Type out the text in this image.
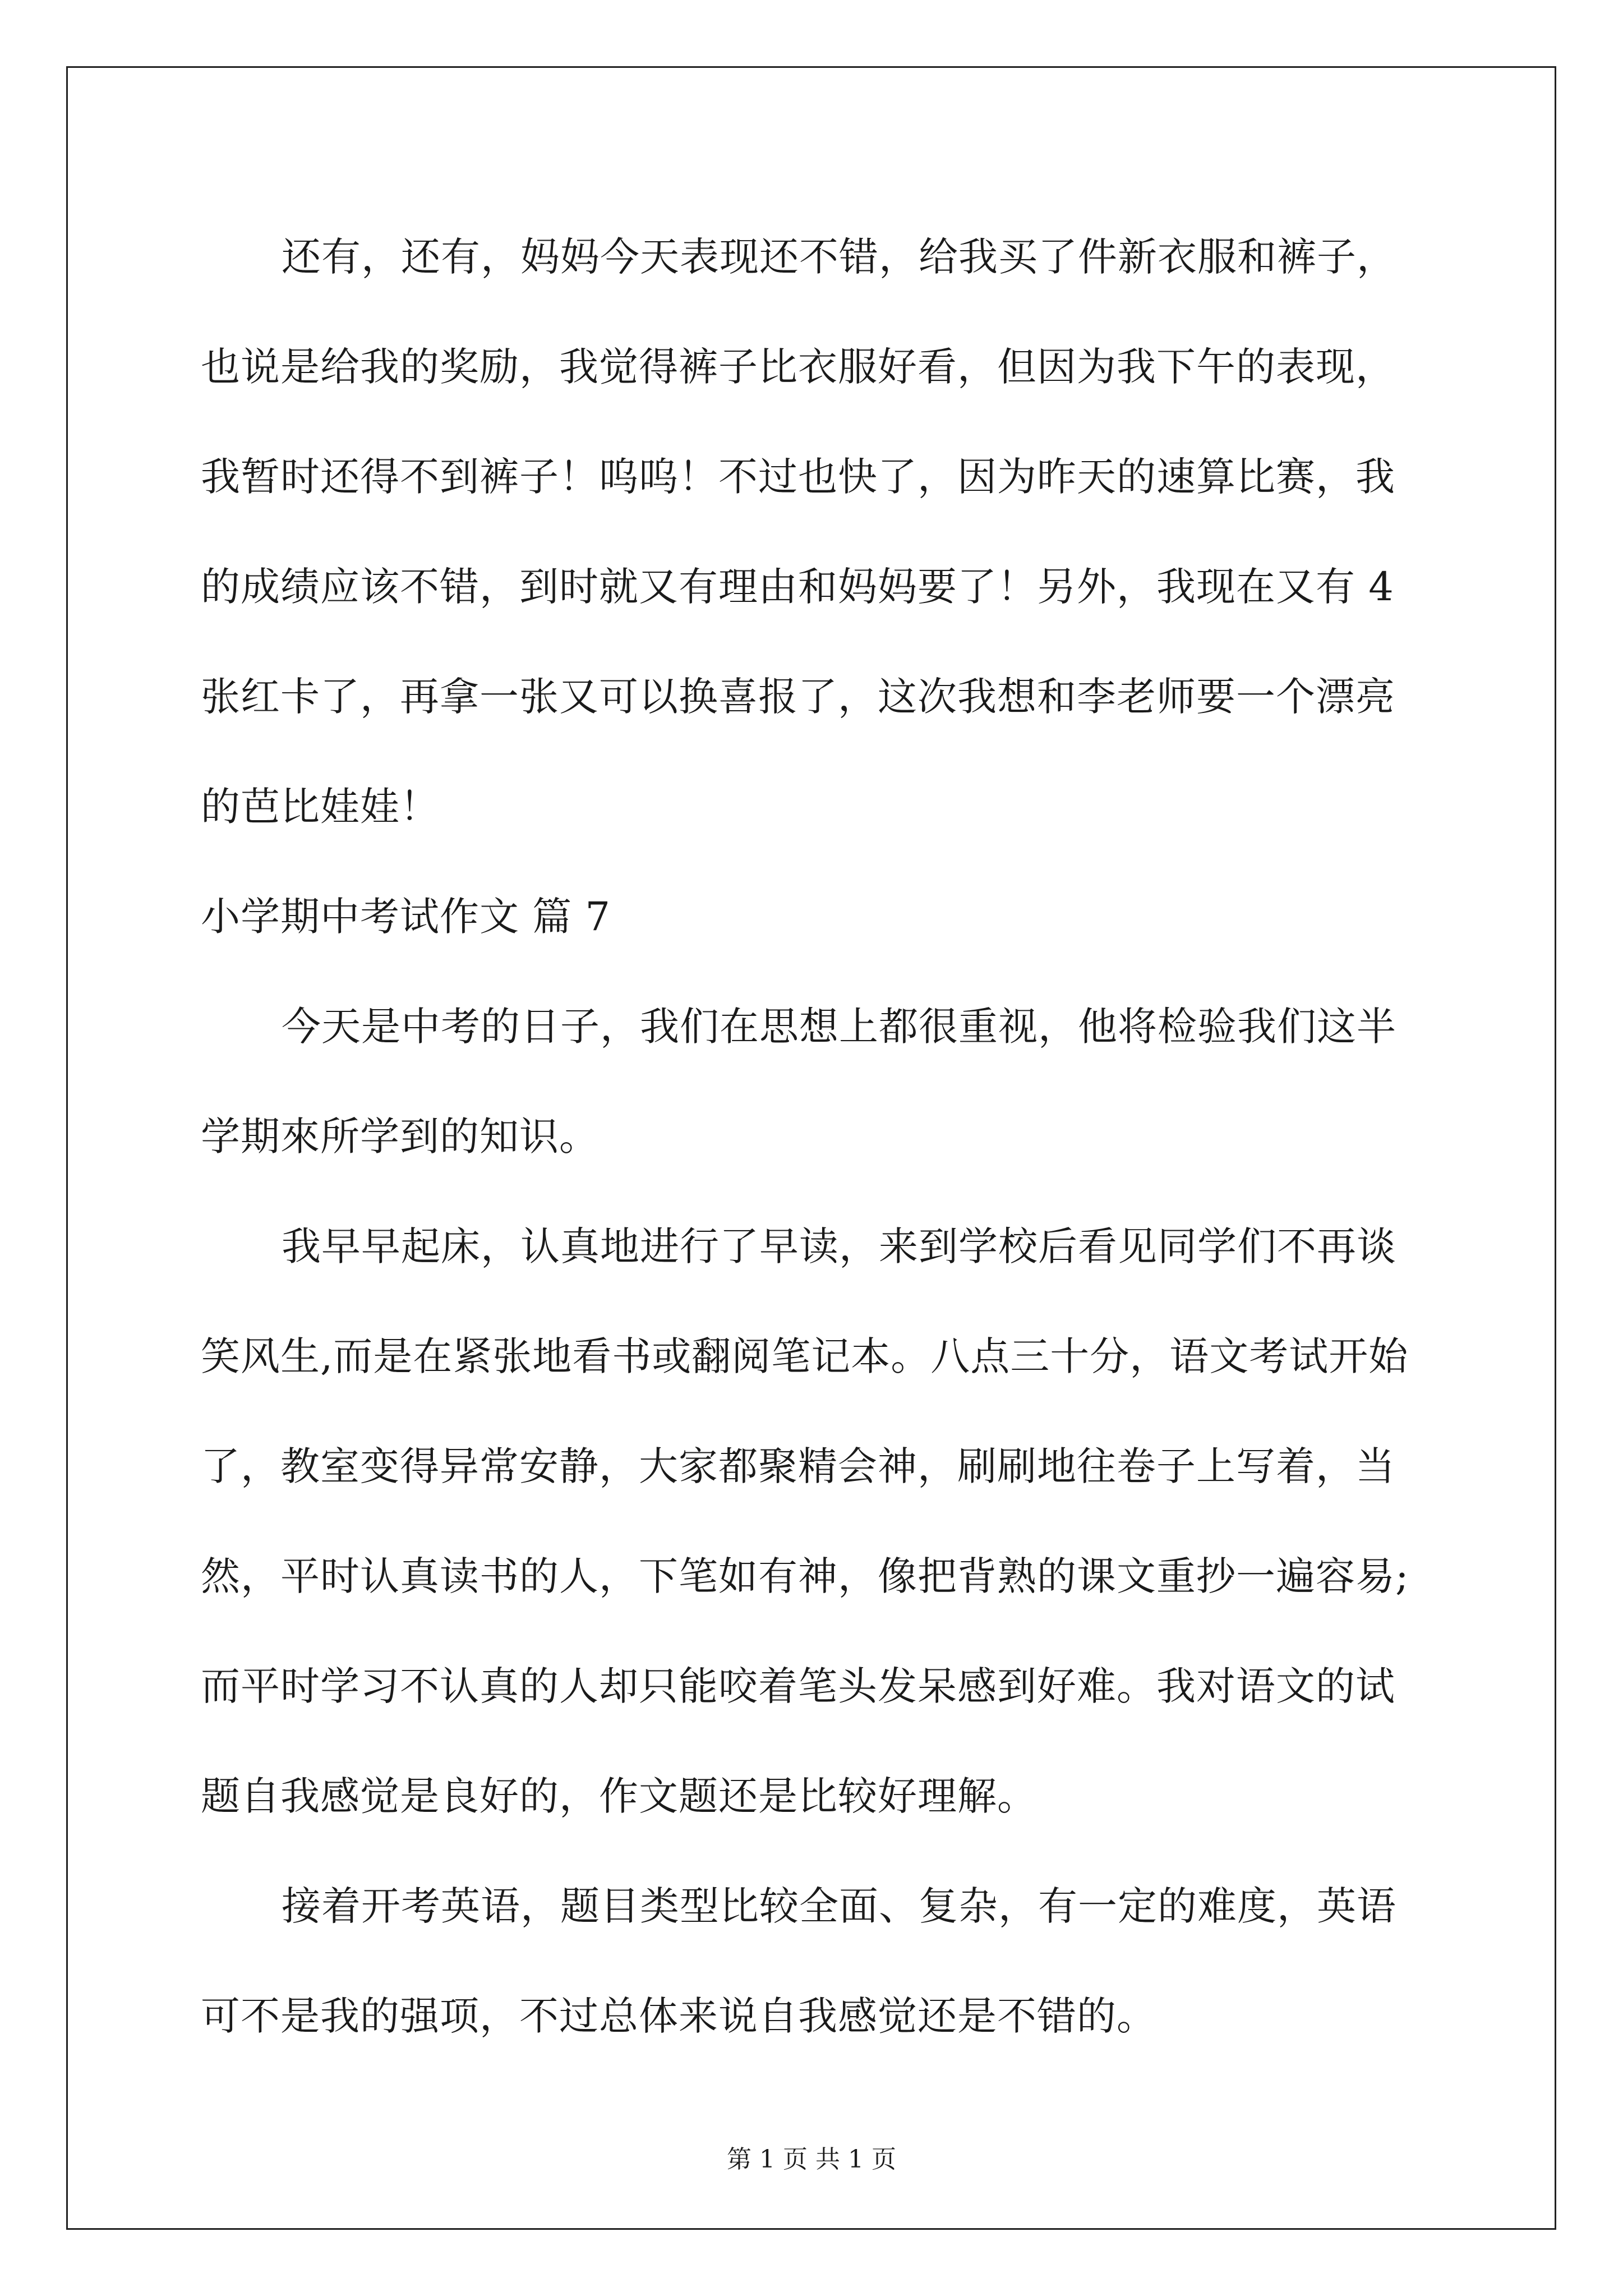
还有，还有，妈妈今天表现还不错，给我买了件新衣服和裤子，
也说是给我的奖励，我觉得裤子比衣服好看，但因为我下午的表现，
我暂时还得不到裤子！呜呜！不过也快了，因为昨天的速算比赛，我
的成绩应该不错，到时就又有理由和妈妈要了！另外，我现在又有 4
张红卡了，再拿一张又可以换喜报了，这次我想和李老师要一个漂亮
的芭比娃娃！
小学期中考试作文 篇 7
今天是中考的日子，我们在思想上都很重视，他将检验我们这半
学期來所学到的知识。
我早早起床，认真地进行了早读，来到学校后看见同学们不再谈
笑风生,而是在紧张地看书或翻阅笔记本。八点三十分，语文考试开始
了，教室变得异常安静，大家都聚精会神，刷刷地往卷子上写着，当
然，平时认真读书的人，下笔如有神，像把背熟的课文重抄一遍容易;
而平时学习不认真的人却只能咬着笔头发呆感到好难。我对语文的试
题自我感觉是良好的，作文题还是比较好理解。
接着开考英语，题目类型比较全面、复杂，有一定的难度，英语
可不是我的强项，不过总体来说自我感觉还是不错的。
第 1 页 共 1 页
